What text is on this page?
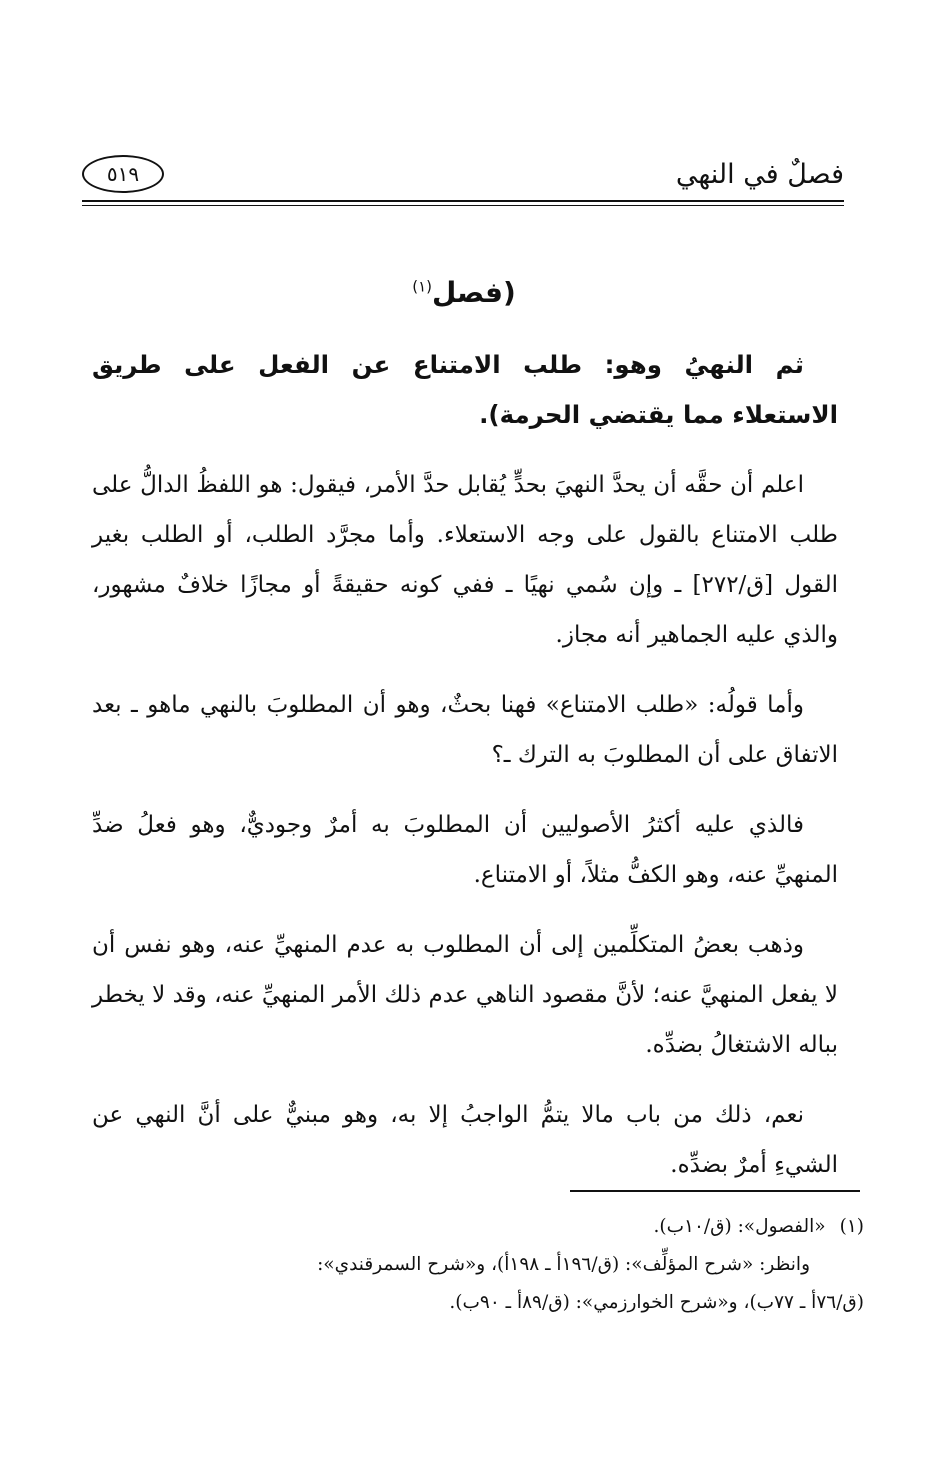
فصلٌ في النهي
٥١٩
(فصل$^{(١)}$

ثم النهيُ وهو: طلب الامتناع عن الفعل على طريق الاستعلاء مما يقتضي الحرمة).

اعلم أن حقَّه أن يحدَّ النهيَ بحدٍّ يُقابل حدَّ الأمر، فيقول: هو اللفظُ الدالُّ على طلب الامتناع بالقول على وجه الاستعلاء. وأما مجرَّد الطلب، أو الطلب بغير القول [ق/٢٧٢] ـ وإن سُمي نهيًا ـ ففي كونه حقيقةً أو مجازًا خلافٌ مشهور، والذي عليه الجماهير أنه مجاز.

وأما قولُه: «طلب الامتناع» فهنا بحثٌ، وهو أن المطلوبَ بالنهي ماهو ـ بعد الاتفاق على أن المطلوبَ به الترك ـ؟

فالذي عليه أكثرُ الأصوليين أن المطلوبَ به أمرٌ وجوديٌّ، وهو فعلُ ضدِّ المنهيِّ عنه، وهو الكفُّ مثلاً، أو الامتناع.

وذهب بعضُ المتكلِّمين إلى أن المطلوب به عدم المنهيِّ عنه، وهو نفس أن لا يفعل المنهيَّ عنه؛ لأنَّ مقصود الناهي عدم ذلك الأمر المنهيِّ عنه، وقد لا يخطر بباله الاشتغالُ بضدِّه.

نعم، ذلك من باب مالا يتمُّ الواجبُ إلا به، وهو مبنيٌّ على أنَّ النهي عن الشيءِ أمرٌ بضدِّه.

(١)«الفصول»: (ق/١٠ب).

وانظر: «شرح المؤلِّف»: (ق/١٩٦أ ـ ١٩٨أ)، و«شرح السمرقندي»:

(ق/٧٦أ ـ ٧٧ب)، و«شرح الخوارزمي»: (ق/٨٩أ ـ ٩٠ب).
